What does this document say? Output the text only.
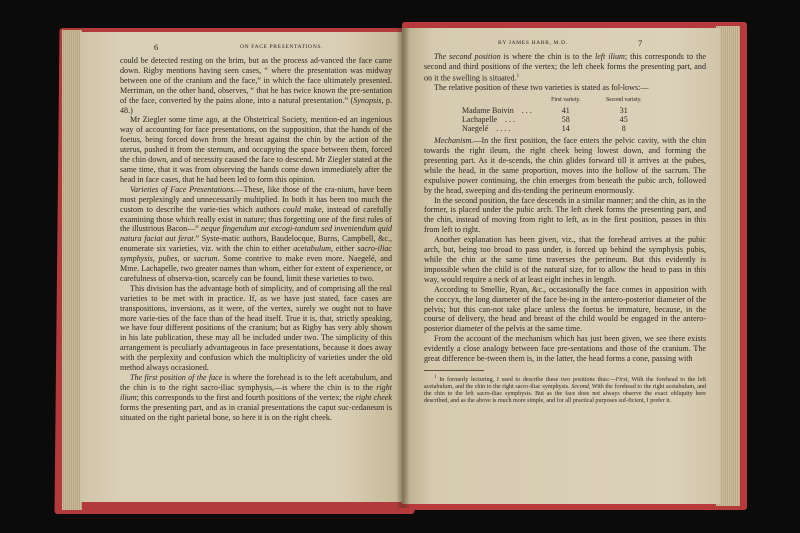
6	ON FACE PRESENTATIONS.

could be detected resting on the brim, but as the process ad-vanced the face came down. Rigby mentions having seen cases, “ where the presentation was midway between one of the cranium and the face,” in which the face ultimately presented. Merriman, on the other hand, observes, “ that he has twice known the pre-sentation of the face, converted by the pains alone, into a natural presentation.” (Synopsis, p. 48.)

Mr Ziegler some time ago, at the Obstetrical Society, mention-ed an ingenious way of accounting for face presentations, on the supposition, that the hands of the foetus, being forced down from the breast against the chin by the action of the uterus, pushed it from the sternum, and occupying the space between them, forced the chin down, and of necessity caused the face to descend. Mr Ziegler stated at the same time, that it was from observing the hands come down immediately after the head in face cases, that he had been led to form this opinion.

Varieties of Face Presentations.—These, like those of the cra-nium, have been most perplexingly and unnecessarily multiplied. In both it has been too much the custom to describe the varie-ties which authors could make, instead of carefully examining those which really exist in nature; thus forgetting one of the first rules of the illustrious Bacon—“ neque fingendum aut excogi-tandum sed inveniendum quid natura faciat aut ferat.” Syste-matic authors, Baudelocque, Burns, Campbell, &c., enumerate six varieties, viz. with the chin to either acetabulum, either sacro-iliac symphysis, pubes, or sacrum. Some contrive to make even more. Naegelé, and Mme. Lachapelle, two greater names than whom, either for extent of experience, or carefulness of observa-tion, scarcely can be found, limit these varieties to two.

This division has the advantage both of simplicity, and of comprising all the real varieties to be met with in practice. If, as we have just stated, face cases are transpositions, inversions, as it were, of the vertex, surely we ought not to have more varie-ties of the face than of the head itself. True it is, that, strictly speaking, we have four different positions of the cranium; but as Rigby has very ably shown in his late publication, these may all be included under two. The simplicity of this arrangement is peculiarly advantageous in face presentations, because it does away with the perplexity and confusion which the multiplicity of varieties under the old method always occasioned.

The first position of the face is where the forehead is to the left acetabulum, and the chin is to the right sacro-iliac symphysis,—is where the chin is to the right ilium; this corresponds to the first and fourth positions of the vertex; the right cheek forms the presenting part, and as in cranial presentations the caput suc-cedaneum is situated on the right parietal bone, so here it is on the right cheek.

BY JAMES HARR, M.D.	7

The second position is where the chin is to the left ilium; this corresponds to the second and third positions of the vertex; the left cheek forms the presenting part, and on it the swelling is situated.$^1$

The relative position of these two varieties is stated as fol-lows:—

	First variety.	Second variety.
Madame Boivin . . .	41	31
Lachapelle . . .	58	45
Naegelé . . . .	14	8

Mechanism.—In the first position, the face enters the pelvic cavity, with the chin towards the right ileum, the right cheek being lowest down, and forming the presenting part. As it de-scends, the chin glides forward till it arrives at the pubes, while the head, in the same proportion, moves into the hollow of the sacrum. The expulsive power continuing, the chin emerges from beneath the pubic arch, followed by the head, sweeping and dis-tending the perineum enormously.

In the second position, the face descends in a similar manner; and the chin, as in the former, is placed under the pubic arch. The left cheek forms the presenting part, and the chin, instead of moving from right to left, as in the first position, passes in this from left to right.

Another explanation has been given, viz., that the forehead arrives at the pubic arch, but, being too broad to pass under, is forced up behind the symphysis pubis, while the chin at the same time traverses the perineum. But this evidently is impossible when the child is of the natural size, for to allow the head to pass in this way, would require a neck of at least eight inches in length.

According to Smellie, Ryan, &c., occasionally the face comes in apposition with the coccyx, the long diameter of the face be-ing in the antero-posterior diameter of the pelvis; but this can-not take place unless the foetus be immature, because, in the course of delivery, the head and breast of the child would be engaged in the antero-posterior diameter of the pelvis at the same time.

From the account of the mechanism which has just been given, we see there exists evidently a close analogy between face pre-sentations and those of the cranium. The great difference be-tween them is, in the latter, the head forms a cone, passing with

$^1$ In formerly lecturing, I used to describe these two positions thus:—First, With the forehead to the left acetabulum, and the chin to the right sacro-iliac symphysis. Second, With the forehead to the right acetabulum, and the chin to the left sacro-iliac symphysis. But as the face does not always observe the exact obliquity here described, and as the above is much more simple, and for all practical purposes suf-ficient, I prefer it.
